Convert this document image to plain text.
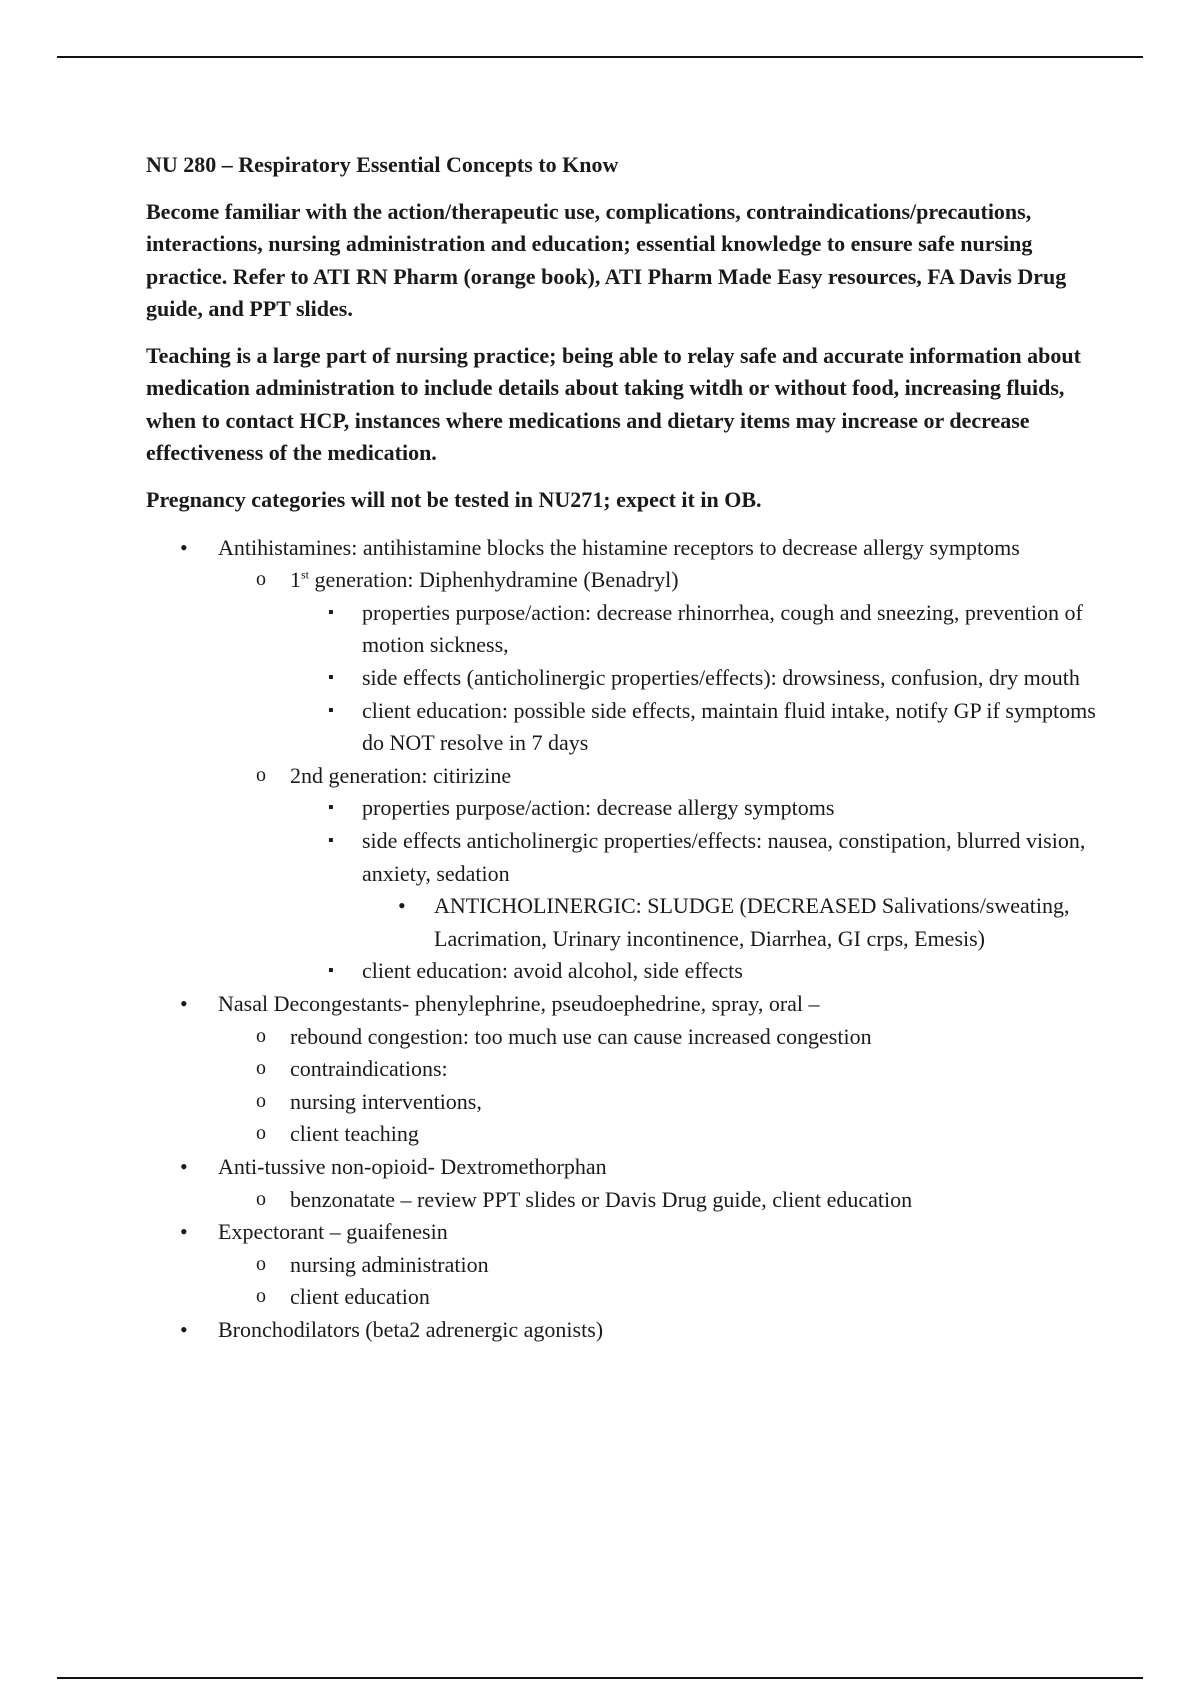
NU 280 – Respiratory Essential Concepts to Know

Become familiar with the action/therapeutic use, complications, contraindications/precautions, interactions, nursing administration and education; essential knowledge to ensure safe nursing practice. Refer to ATI RN Pharm (orange book), ATI Pharm Made Easy resources, FA Davis Drug guide, and PPT slides.

Teaching is a large part of nursing practice; being able to relay safe and accurate information about medication administration to include details about taking witdh or without food, increasing fluids, when to contact HCP, instances where medications and dietary items may increase or decrease effectiveness of the medication.

Pregnancy categories will not be tested in NU271; expect it in OB.

• Antihistamines: antihistamine blocks the histamine receptors to decrease allergy symptoms
o 1st generation: Diphenhydramine (Benadryl)
▪ properties purpose/action: decrease rhinorrhea, cough and sneezing, prevention of motion sickness,
▪ side effects (anticholinergic properties/effects): drowsiness, confusion, dry mouth
▪ client education: possible side effects, maintain fluid intake, notify GP if symptoms do NOT resolve in 7 days
o 2nd generation: citirizine
▪ properties purpose/action: decrease allergy symptoms
▪ side effects anticholinergic properties/effects: nausea, constipation, blurred vision, anxiety, sedation
• ANTICHOLINERGIC: SLUDGE (DECREASED Salivations/sweating, Lacrimation, Urinary incontinence, Diarrhea, GI crps, Emesis)
▪ client education: avoid alcohol, side effects
• Nasal Decongestants- phenylephrine, pseudoephedrine, spray, oral –
o rebound congestion: too much use can cause increased congestion
o contraindications:
o nursing interventions,
o client teaching
• Anti-tussive non-opioid- Dextromethorphan
o benzonatate – review PPT slides or Davis Drug guide, client education
• Expectorant – guaifenesin
o nursing administration
o client education
• Bronchodilators (beta2 adrenergic agonists)
